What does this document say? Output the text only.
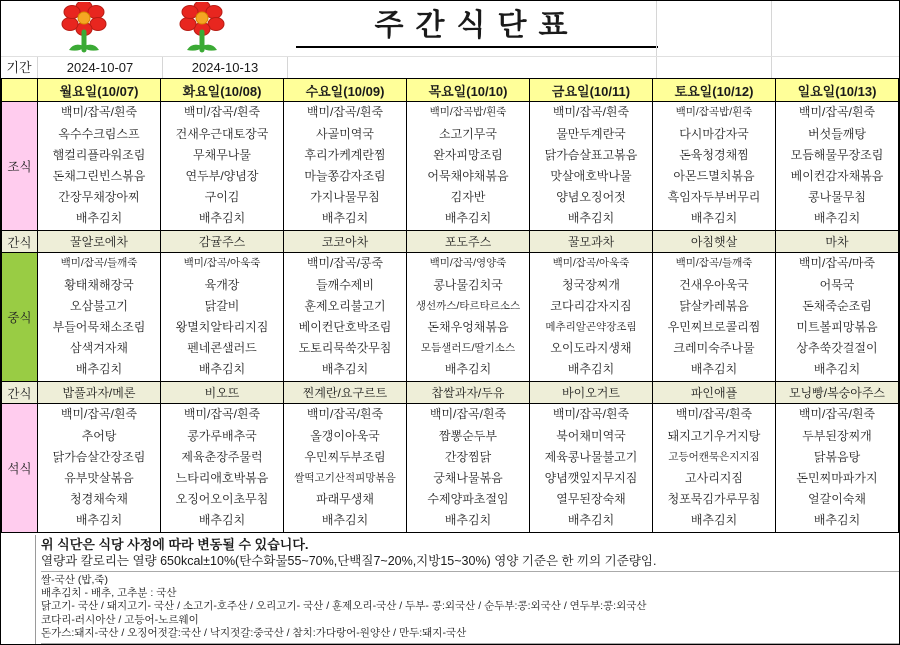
주간식단표
기간	2024-10-07	2024-10-13
	월요일(10/07)	화요일(10/08)	수요일(10/09)	목요일(10/10)	금요일(10/11)	토요일(10/12)	일요일(10/13)
조식	
백미/잡곡/흰죽
옥수수크림스프
햄컬리플라워조림
돈채그린빈스볶음
간장무채장아찌
배추김치

백미/잡곡/흰죽
건새우근대토장국
무채무나물
연두부/양념장
구이김
배추김치

백미/잡곡/흰죽
사골미역국
후리가케계란찜
마늘쫑감자조림
가지나물무침
배추김치

백미/잡곡밥/흰죽
소고기무국
완자피망조림
어묵채야채볶음
김자반
배추김치

백미/잡곡/흰죽
물만두계란국
닭가슴살표고볶음
맛살애호박나물
양념오징어젓
배추김치

백미/잡곡밥/흰죽
다시마감자국
돈육청경채찜
아몬드멸치볶음
흑임자두부버무리
배추김치

백미/잡곡/흰죽
버섯들깨탕
모듬해물무장조림
베이컨감자채볶음
콩나물무침
배추김치

간식	꿀알로에차	감귤주스	코코아차	포도주스	꿀모과차	아침햇살	마차
중식	
백미/잡곡/들깨죽
황태채해장국
오삼불고기
부들어묵채소조림
삼색겨자채
배추김치

백미/잡곡/아욱죽
육개장
닭갈비
왕멸치알타리지짐
펜네콘샐러드
배추김치

백미/잡곡/콩죽
들깨수제비
훈제오리불고기
베이컨단호박조림
도토리묵쑥갓무침
배추김치

백미/잡곡/영양죽
콩나물김치국
생선까스/타르타르소스
돈채우엉채볶음
모듬샐러드/딸기소스
배추김치

백미/잡곡/아욱죽
청국장찌개
코다리감자지짐
메추리알곤약장조림
오이도라지생채
배추김치

백미/잡곡/들깨죽
건새우아욱국
닭살카레볶음
우민찌브로콜리찜
크레미숙주나물
배추김치

백미/잡곡/마죽
어묵국
돈채죽순조림
미트볼피망볶음
상추쑥갓걸절이
배추김치

간식	밥풀과자/메론	비오뜨	찐계란/요구르트	찹쌀과자/두유	바이오거트	파인애플	모닝빵/복숭아주스
석식	
백미/잡곡/흰죽
추어탕
닭가슴살간장조림
유부맛살볶음
청경채숙채
배추김치

백미/잡곡/흰죽
콩가루배추국
제육춘장주물럭
느타리애호박볶음
오징어오이초무침
배추김치

백미/잡곡/흰죽
올갱이아욱국
우민찌두부조림
쌀떡고기산적피망볶음
파래무생채
배추김치

백미/잡곡/흰죽
짬뽕순두부
간장찜닭
궁채나물볶음
수제양파초절임
배추김치

백미/잡곡/흰죽
북어채미역국
제육콩나물불고기
양념깻잎지무지짐
열무된장숙채
배추김치

백미/잡곡/흰죽
돼지고기우거지탕
고등어캔묵은지지짐
고사리지짐
청포묵김가루무침
배추김치

백미/잡곡/흰죽
두부된장찌개
닭볶음탕
돈민찌마파가지
얼갈이숙채
배추김치
위 식단은 식당 사정에 따라 변동될 수 있습니다.
열량과 칼로리는 열량 650kcal±10%(탄수화물55~70%,단백질7~20%,지방15~30%) 영양 기준은 한 끼의 기준량임.
쌀-국산 (밥,죽)
배추김치 - 배추, 고추분 : 국산
닭고기- 국산 / 돼지고기- 국산 / 소고기-호주산 / 오리고기- 국산 / 훈제오리-국산 / 두부- 콩:외국산 / 순두부:콩:외국산 / 연두부:콩:외국산
코다리-러시아산 / 고등어-노르웨이
돈가스:돼지-국산 / 오징어젓갈:국산 / 낙지젓갈:중국산 / 참치:가다랑어-원양산 / 만두:돼지-국산
